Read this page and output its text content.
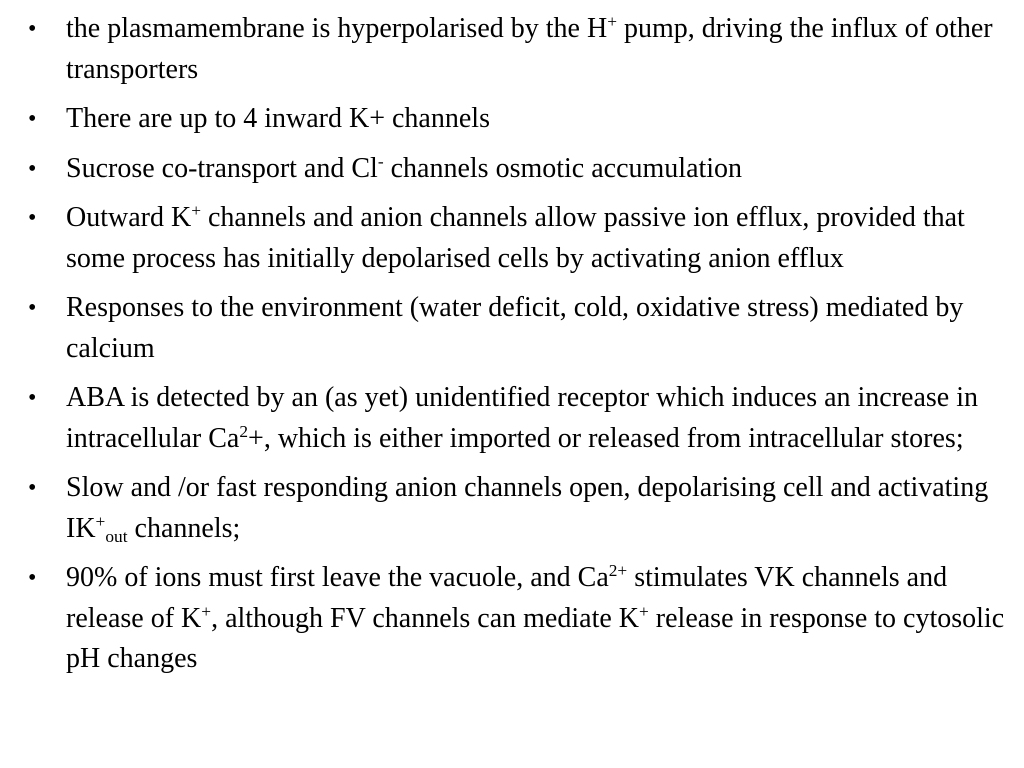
•	the plasmamembrane is hyperpolarised by the H+ pump, driving the influx of other transporters
•	There are up to 4 inward K+ channels
•	Sucrose co-transport and Cl- channels osmotic accumulation
•	Outward K+ channels and anion channels allow passive ion efflux, provided that some process has initially depolarised cells by activating anion efflux
•	Responses to the environment (water deficit, cold, oxidative stress) mediated by calcium
•	ABA is detected by an (as yet) unidentified receptor which induces an increase in intracellular $Ca^2+$, which is either imported or released from intracellular stores;
•	Slow and /or fast responding anion channels open, depolarising cell and activating $IK^+_{out}$ channels;
•	90% of ions must first leave the vacuole, and $Ca^{2+}$ stimulates VK channels and release of K+, although FV channels can mediate K+ release in response to cytosolic pH changes
